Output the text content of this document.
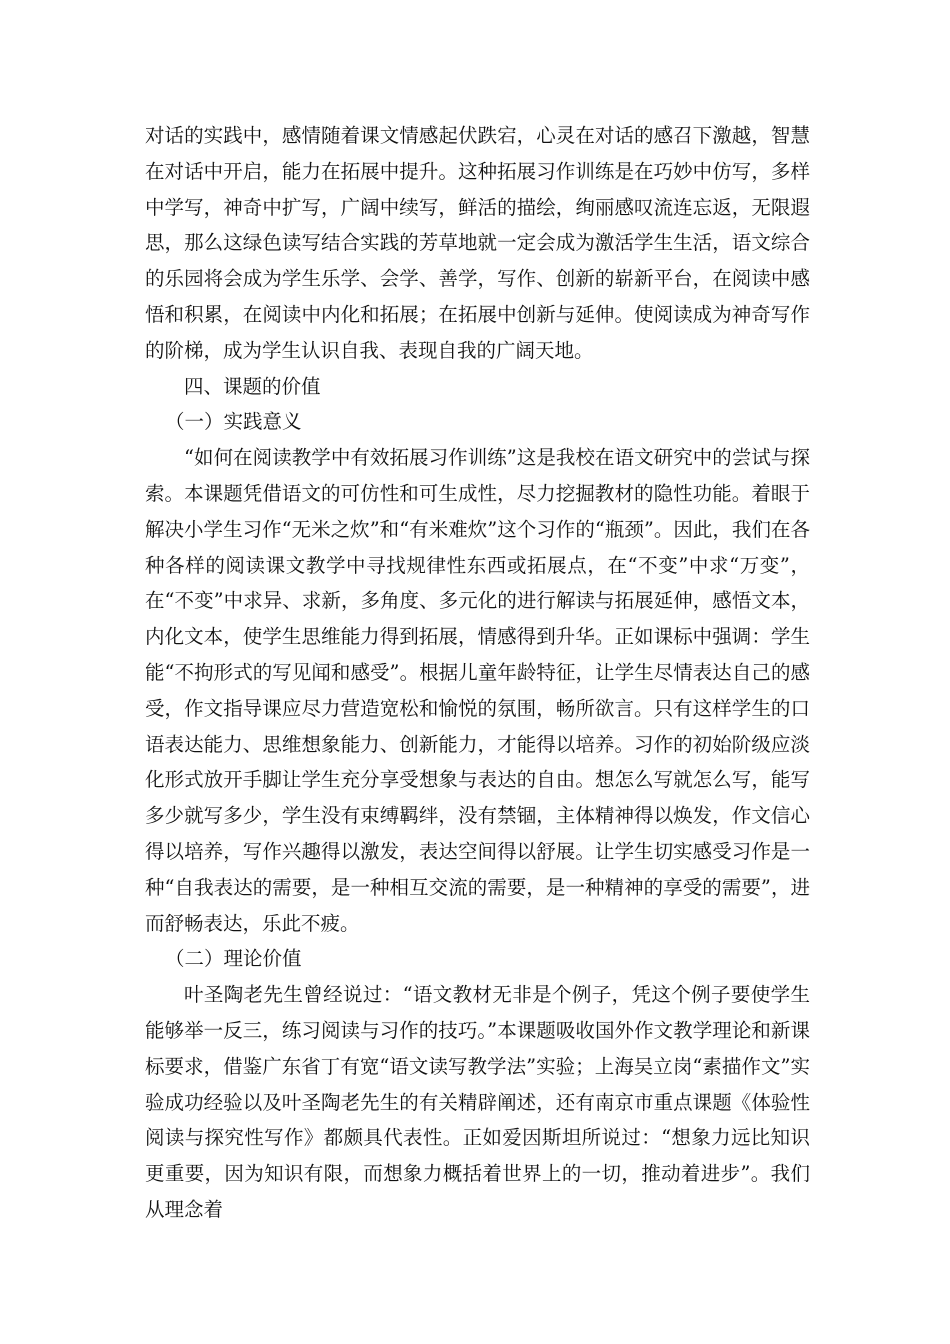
对话的实践中，感情随着课文情感起伏跌宕，心灵在对话的感召下激越，智慧在对话中开启，能力在拓展中提升。这种拓展习作训练是在巧妙中仿写，多样中学写，神奇中扩写，广阔中续写，鲜活的描绘，绚丽感叹流连忘返，无限遐思，那么这绿色读写结合实践的芳草地就一定会成为激活学生生活，语文综合的乐园将会成为学生乐学、会学、善学，写作、创新的崭新平台，在阅读中感悟和积累，在阅读中内化和拓展；在拓展中创新与延伸。使阅读成为神奇写作的阶梯，成为学生认识自我、表现自我的广阔天地。

四、课题的价值

（一）实践意义

“如何在阅读教学中有效拓展习作训练”这是我校在语文研究中的尝试与探索。本课题凭借语文的可仿性和可生成性，尽力挖掘教材的隐性功能。着眼于解决小学生习作“无米之炊”和“有米难炊”这个习作的“瓶颈”。因此，我们在各种各样的阅读课文教学中寻找规律性东西或拓展点，在“不变”中求“万变”，在“不变”中求异、求新，多角度、多元化的进行解读与拓展延伸，感悟文本，内化文本，使学生思维能力得到拓展，情感得到升华。正如课标中强调：学生能“不拘形式的写见闻和感受”。根据儿童年龄特征，让学生尽情表达自己的感受，作文指导课应尽力营造宽松和愉悦的氛围，畅所欲言。只有这样学生的口语表达能力、思维想象能力、创新能力，才能得以培养。习作的初始阶级应淡化形式放开手脚让学生充分享受想象与表达的自由。想怎么写就怎么写，能写多少就写多少，学生没有束缚羁绊，没有禁锢，主体精神得以焕发，作文信心得以培养，写作兴趣得以激发，表达空间得以舒展。让学生切实感受习作是一种“自我表达的需要，是一种相互交流的需要，是一种精神的享受的需要”，进而舒畅表达，乐此不疲。

（二）理论价值

叶圣陶老先生曾经说过：“语文教材无非是个例子，凭这个例子要使学生能够举一反三，练习阅读与习作的技巧。”本课题吸收国外作文教学理论和新课标要求，借鉴广东省丁有宽“语文读写教学法”实验；上海吴立岗“素描作文”实验成功经验以及叶圣陶老先生的有关精辟阐述，还有南京市重点课题《体验性阅读与探究性写作》都颇具代表性。正如爱因斯坦所说过：“想象力远比知识更重要，因为知识有限，而想象力概括着世界上的一切，推动着进步”。我们从理念着
